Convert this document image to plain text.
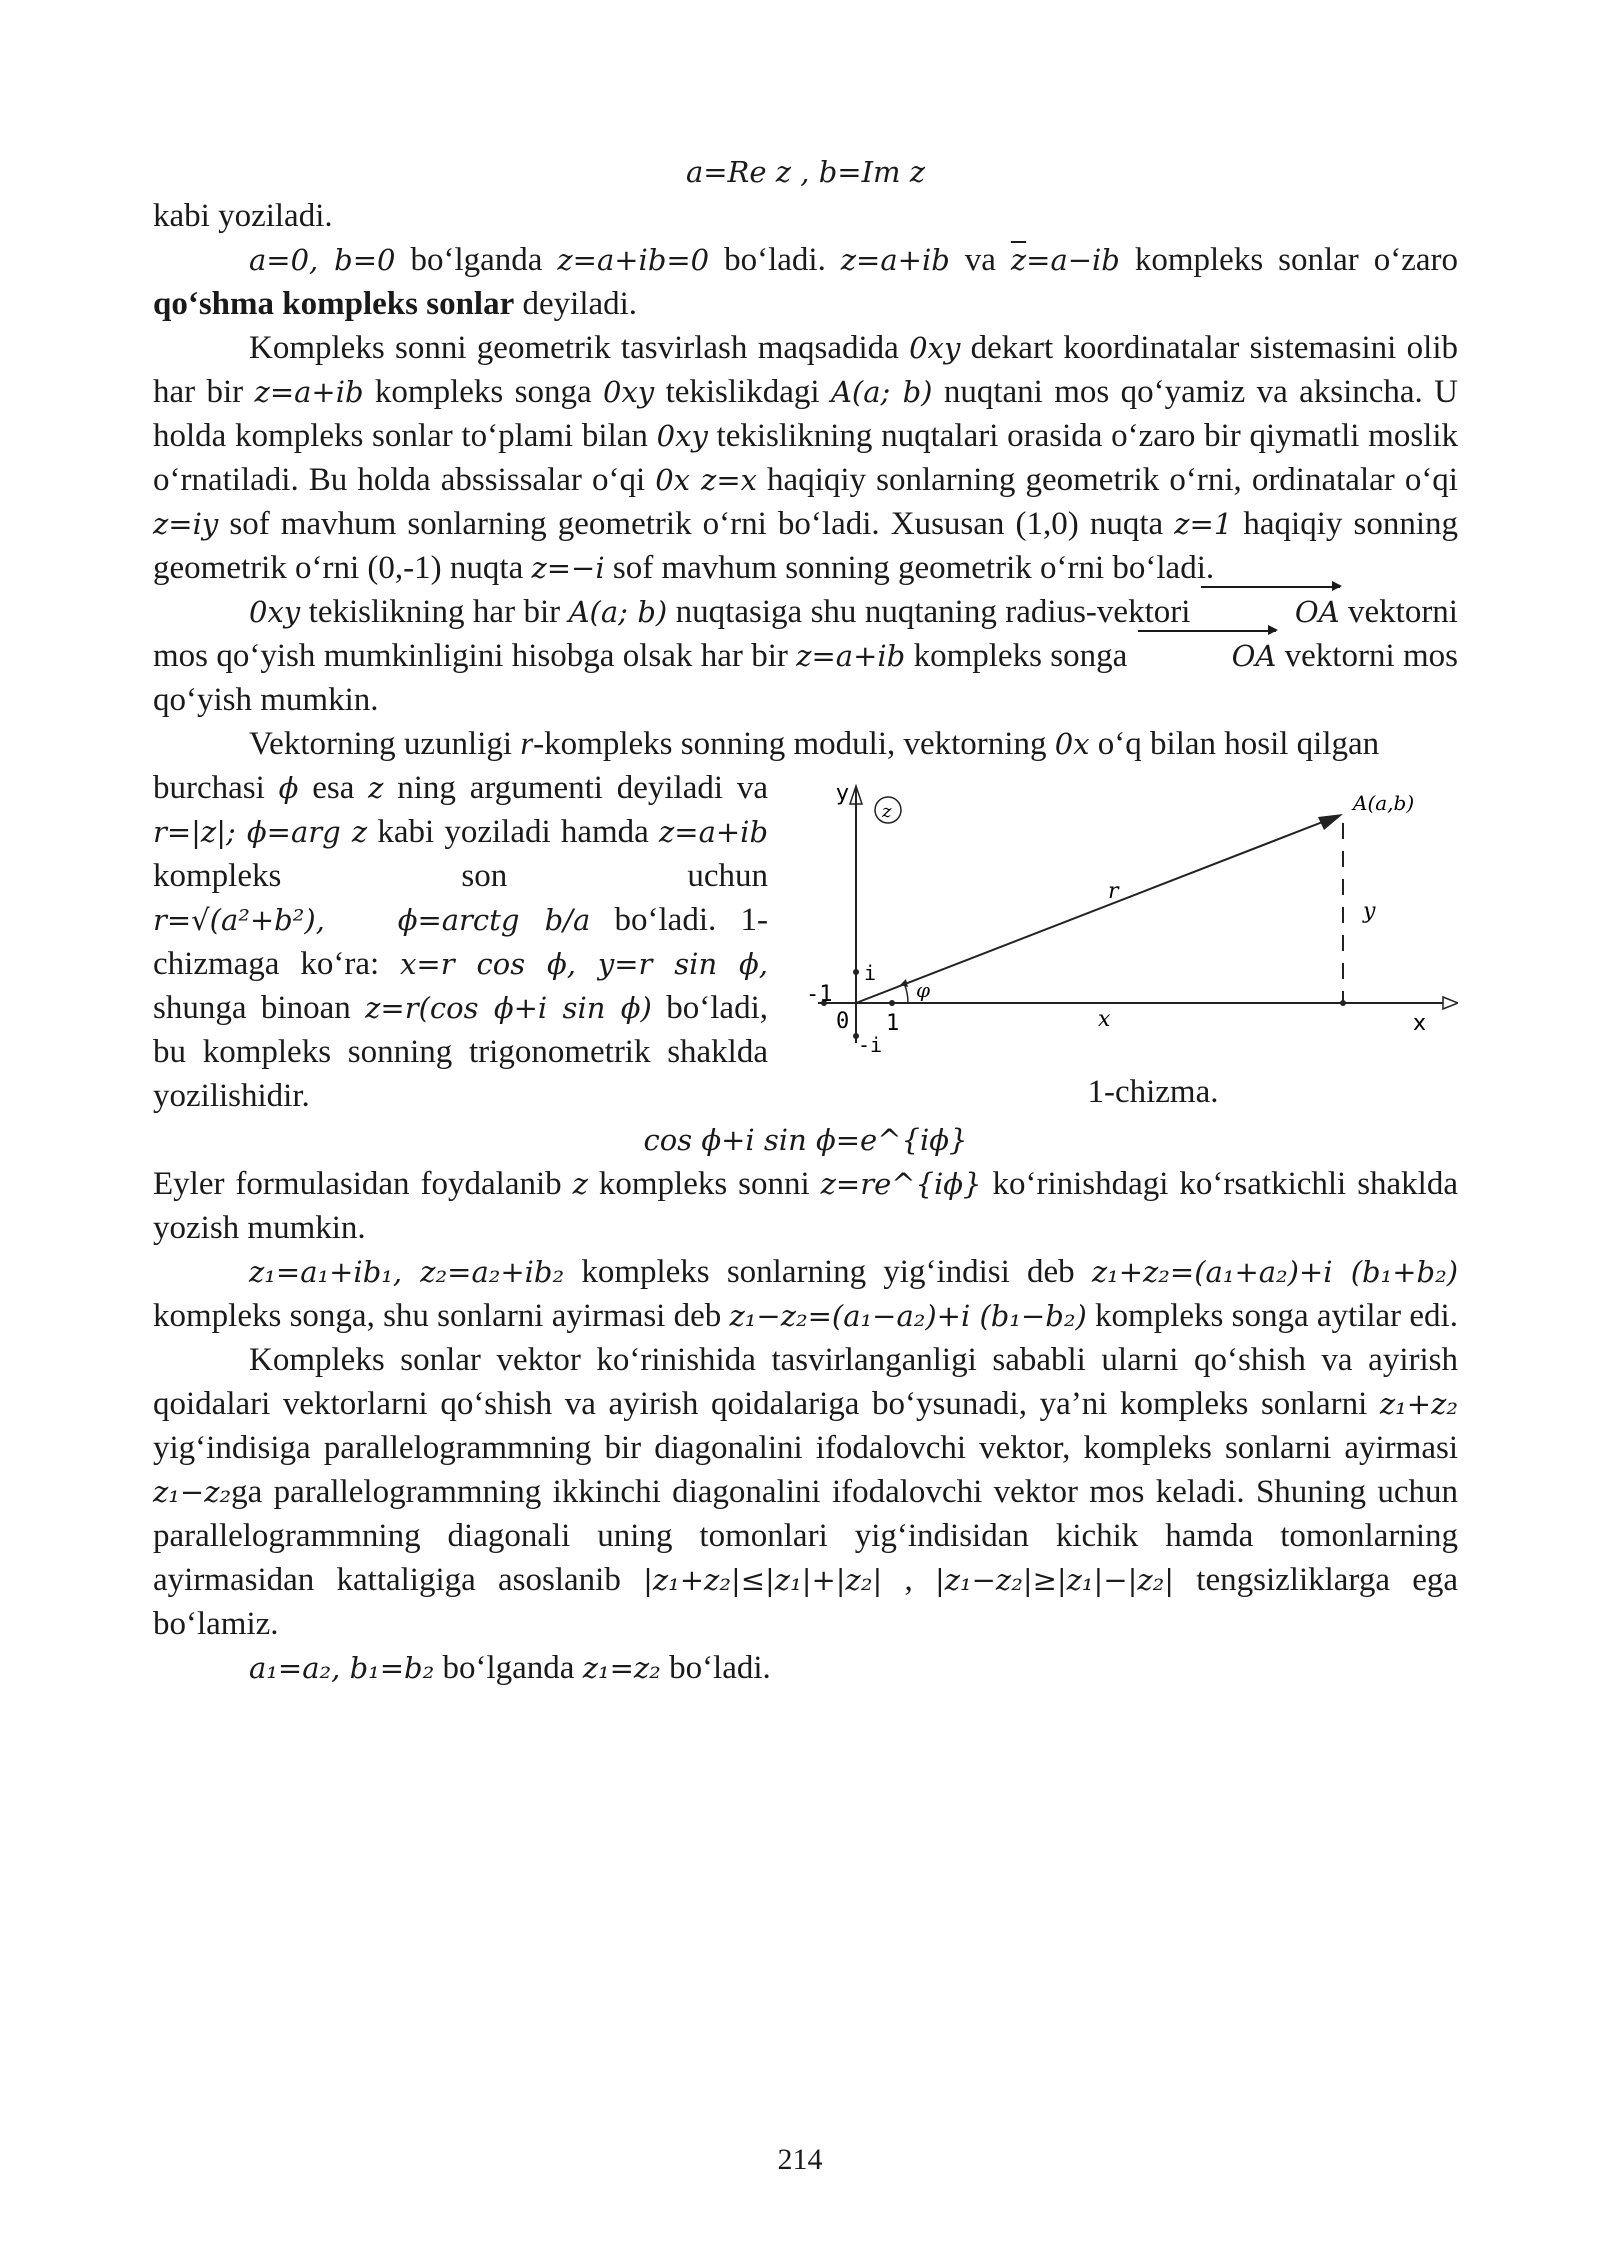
a=Re z , b=Im z

kabi yoziladi.
a=0, b=0 bo‘lganda z=a+ib=0 bo‘ladi. z=a+ib va $\overline{z}=a-ib$ kompleks sonlar o‘zaro qo‘shma kompleks sonlar deyiladi.

Kompleks sonni geometrik tasvirlash maqsadida 0xy dekart koordinatalar sistemasini olib har bir z=a+ib kompleks songa 0xy tekislikdagi A(a; b) nuqtani mos qo‘yamiz va aksincha. U holda kompleks sonlar to‘plami bilan 0xy tekislikning nuqtalari orasida o‘zaro bir qiymatli moslik o‘rnatiladi. Bu holda abssissalar o‘qi 0x z=x haqiqiy sonlarning geometrik o‘rni, ordinatalar o‘qi z=iy sof mavhum sonlarning geometrik o‘rni bo‘ladi. Xususan (1,0) nuqta z=1 haqiqiy sonning geometrik o‘rni (0,-1) nuqta z=−i sof mavhum sonning geometrik o‘rni bo‘ladi.

0xy tekislikning har bir A(a; b) nuqtasiga shu nuqtaning radius-vektori	OA vektorni mos qo‘yish mumkinligini hisobga olsak har bir z=a+ib kompleks songa	OA vektorni mos qo‘yish mumkin.

Vektorning uzunligi r-kompleks sonning moduli, vektorning 0x o‘q bilan hosil qilgan

burchasi ϕ esa z ning argumenti deyiladi va r=|z|; ϕ=arg z kabi yoziladi hamda z=a+ib kompleks son uchun r=√(a²+b²),	ϕ=arctg b/a bo‘ladi. 1-chizmaga ko‘ra: x=r cos ϕ, y=r sin ϕ, shunga binoan z=r(cos ϕ+i sin ϕ) bo‘ladi, bu kompleks sonning trigonometrik shaklda yozilishidir.

y
z	A(a,b)
r
y
i
φ
-1
0 1	x	x
-i
1-chizma.

cos ϕ+i sin ϕ=e^{iϕ}

Eyler formulasidan foydalanib z kompleks sonni z=re^{iϕ} ko‘rinishdagi ko‘rsatkichli shaklda yozish mumkin.

z₁=a₁+ib₁, z₂=a₂+ib₂ kompleks sonlarning yig‘indisi deb z₁+z₂=(a₁+a₂)+i (b₁+b₂) kompleks songa, shu sonlarni ayirmasi deb z₁−z₂=(a₁−a₂)+i (b₁−b₂) kompleks songa aytilar edi.

Kompleks sonlar vektor ko‘rinishida tasvirlanganligi sababli ularni qo‘shish va ayirish qoidalari vektorlarni qo‘shish va ayirish qoidalariga bo‘ysunadi, ya’ni kompleks sonlarni z₁+z₂ yig‘indisiga parallelogrammning bir diagonalini ifodalovchi vektor, kompleks sonlarni ayirmasi z₁−z₂ga parallelogrammning ikkinchi diagonalini ifodalovchi vektor mos keladi. Shuning uchun parallelogrammning diagonali uning tomonlari yig‘indisidan kichik hamda tomonlarning ayirmasidan kattaligiga asoslanib |z₁+z₂|≤|z₁|+|z₂| , |z₁−z₂|≥|z₁|−|z₂| tengsizliklarga ega bo‘lamiz.

a₁=a₂, b₁=b₂ bo‘lganda z₁=z₂ bo‘ladi.

214
